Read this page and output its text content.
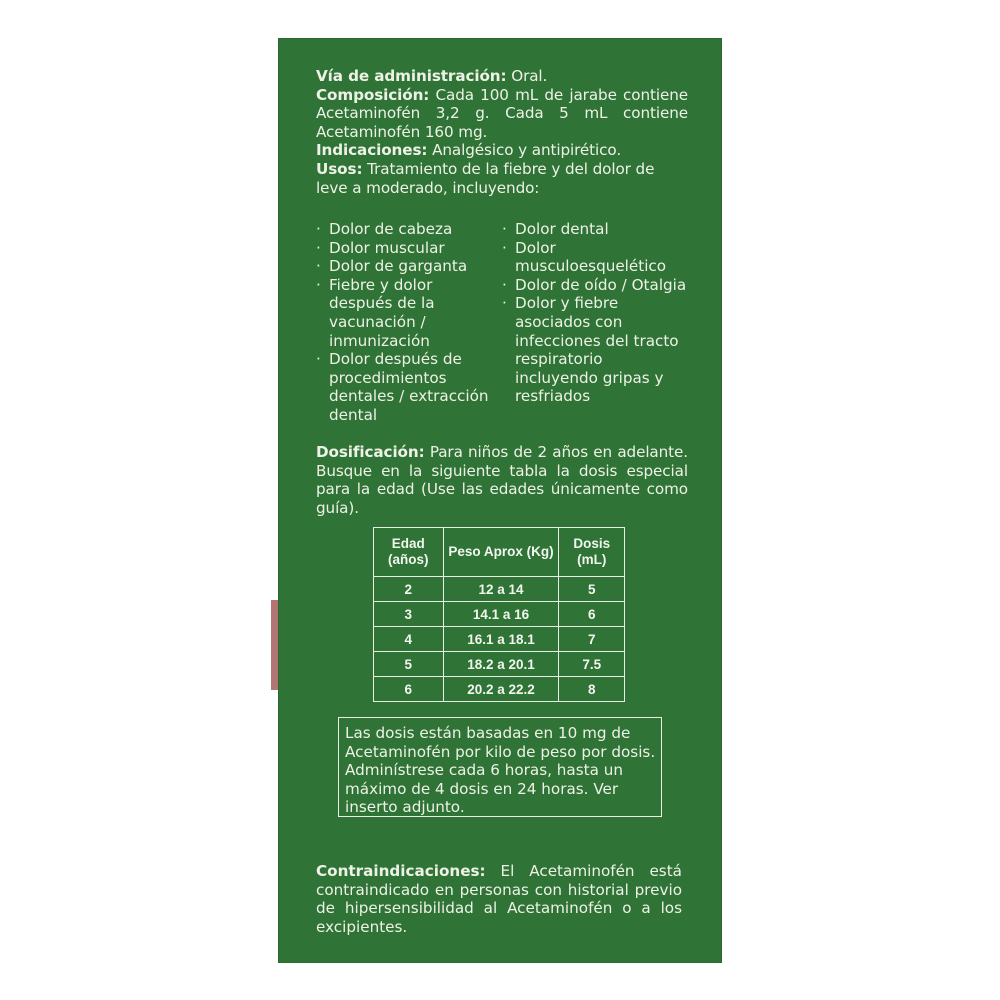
Vía de administración: Oral.

Composición: Cada 100 mL de jarabe contiene Acetaminofén 3,2 g. Cada 5 mL contiene Acetaminofén 160 mg.

Indicaciones: Analgésico y antipirético.

Usos: Tratamiento de la fiebre y del dolor de leve a moderado, incluyendo:

· Dolor de cabeza
· Dolor muscular
· Dolor de garganta
· Fiebre y dolor después de la vacunación / inmunización
· Dolor después de procedimientos dentales / extracción dental
· Dolor dental
· Dolor musculoesquelético
· Dolor de oído / Otalgia
· Dolor y fiebre asociados con infecciones del tracto respiratorio incluyendo gripas y resfriados

Dosificación: Para niños de 2 años en adelante. Busque en la siguiente tabla la dosis especial para la edad (Use las edades únicamente como guía).

Edad (años)	Peso Aprox (Kg)	Dosis (mL)
2	12 a 14	5
3	14.1 a 16	6
4	16.1 a 18.1	7
5	18.2 a 20.1	7.5
6	20.2 a 22.2	8
Las dosis están basadas en 10 mg de Acetaminofén por kilo de peso por dosis. Adminístrese cada 6 horas, hasta un máximo de 4 dosis en 24 horas. Ver inserto adjunto.
Contraindicaciones: El Acetaminofén está contraindicado en personas con historial previo de hipersensibilidad al Acetaminofén o a los excipientes.
